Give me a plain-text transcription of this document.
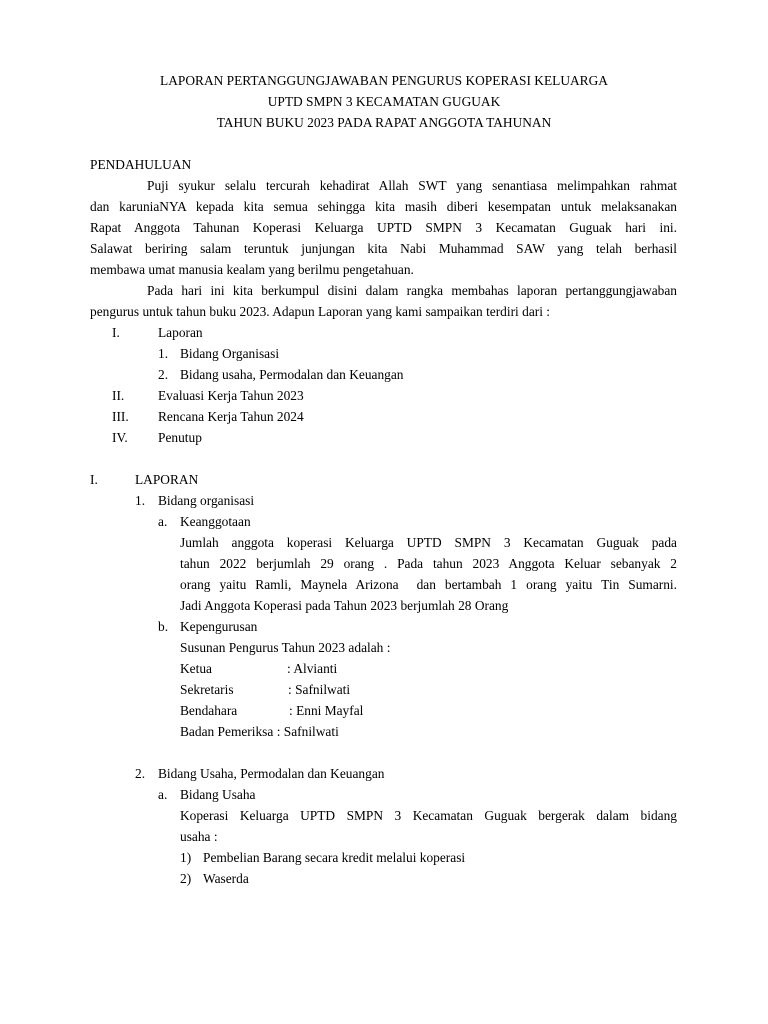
LAPORAN PERTANGGUNGJAWABAN PENGURUS KOPERASI KELUARGA
UPTD SMPN 3 KECAMATAN GUGUAK
TAHUN BUKU 2023 PADA RAPAT ANGGOTA TAHUNAN
PENDAHULUAN
Puji syukur selalu tercurah kehadirat Allah SWT yang senantiasa melimpahkan rahmat
dan karuniaNYA kepada kita semua sehingga kita masih diberi kesempatan untuk melaksanakan
Rapat Anggota Tahunan Koperasi Keluarga UPTD SMPN 3 Kecamatan Guguak hari ini.
Salawat beriring salam teruntuk junjungan kita Nabi Muhammad SAW yang telah berhasil
membawa umat manusia kealam yang berilmu pengetahuan.
Pada hari ini kita berkumpul disini dalam rangka membahas laporan pertanggungjawaban
pengurus untuk tahun buku 2023. Adapun Laporan yang kami sampaikan terdiri dari :
I.	Laporan
1. Bidang Organisasi
2. Bidang usaha, Permodalan dan Keuangan
II.	Evaluasi Kerja Tahun 2023
III. Rencana Kerja Tahun 2024
IV. Penutup
I.	LAPORAN
1. Bidang organisasi
a. Keanggotaan
Jumlah anggota koperasi Keluarga UPTD SMPN 3 Kecamatan Guguak pada
tahun 2022 berjumlah 29 orang . Pada tahun 2023 Anggota Keluar sebanyak 2
orang yaitu Ramli, Maynela Arizona  dan bertambah 1 orang yaitu Tin Sumarni.
Jadi Anggota Koperasi pada Tahun 2023 berjumlah 28 Orang
b. Kepengurusan
Susunan Pengurus Tahun 2023 adalah :
Ketua	: Alvianti
Sekretaris	: Safnilwati
Bendahara	: Enni Mayfal
Badan Pemeriksa : Safnilwati
2. Bidang Usaha, Permodalan dan Keuangan
a. Bidang Usaha
Koperasi Keluarga UPTD SMPN 3 Kecamatan Guguak bergerak dalam bidang
usaha :
1) Pembelian Barang secara kredit melalui koperasi
2) Waserda
